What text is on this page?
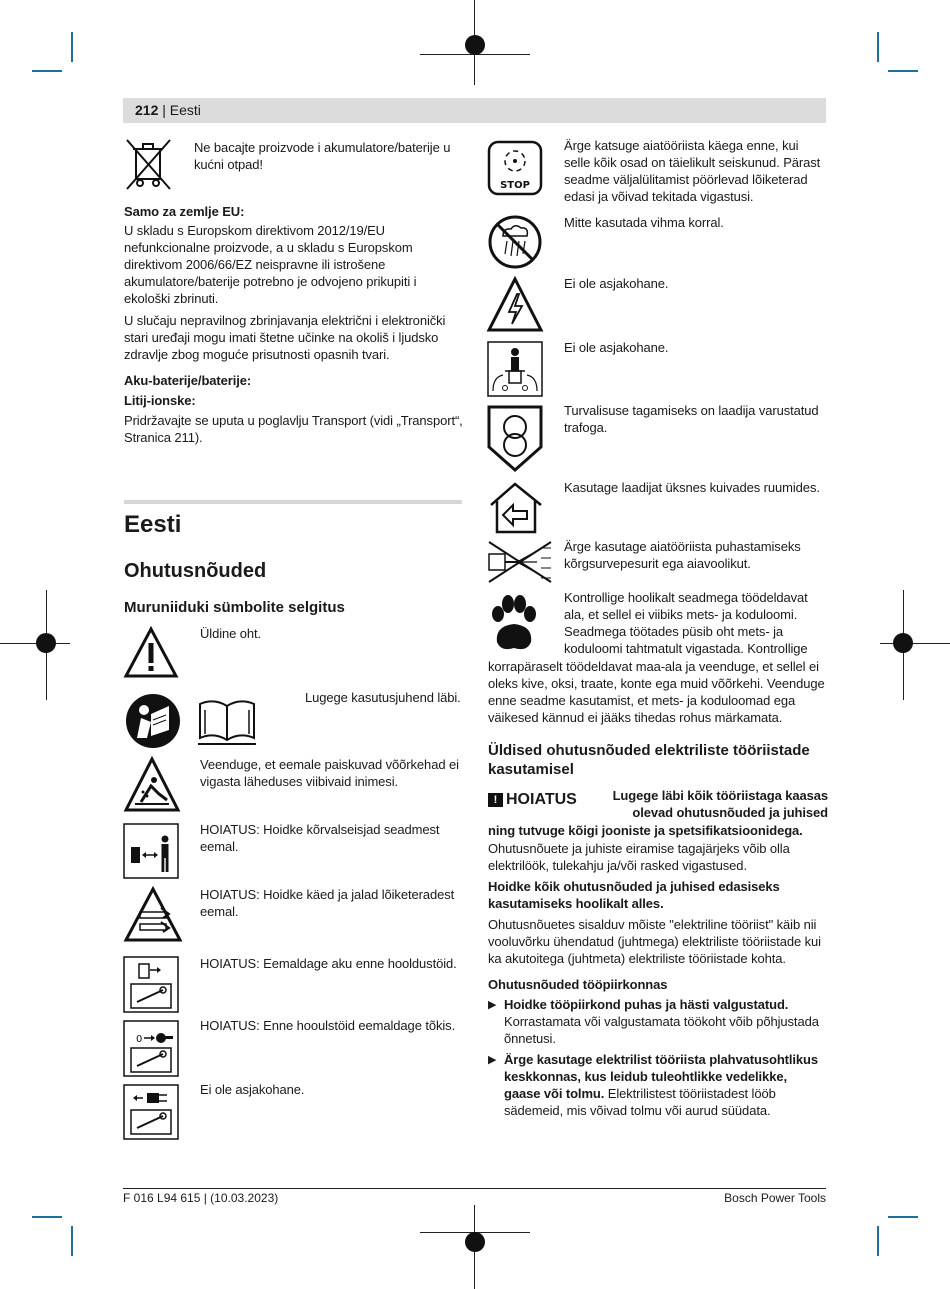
212 | Eesti
Ne bacajte proizvode i akumulatore/baterije u kućni otpad!
Samo za zemlje EU:
U skladu s Europskom direktivom 2012/19/EU nefunkcionalne proizvode, a u skladu s Europskom direktivom 2006/66/EZ neispravne ili istrošene akumulatore/baterije potrebno je odvojeno prikupiti i ekološki zbrinuti.
U slučaju nepravilnog zbrinjavanja električni i elektronički stari uređaji mogu imati štetne učinke na okoliš i ljudsko zdravlje zbog moguće prisutnosti opasnih tvari.
Aku-baterije/baterije:
Litij-ionske:
Pridržavajte se uputa u poglavlju Transport (vidi „Transport“, Stranica 211).
Eesti
Ohutusnõuded
Muruniiduki sümbolite selgitus
Üldine oht.
Lugege kasutusjuhend läbi.
Veenduge, et eemale paiskuvad võõrkehad ei vigasta läheduses viibivaid inimesi.
HOIATUS: Hoidke kõrvalseisjad seadmest eemal.
HOIATUS: Hoidke käed ja jalad lõiketeradest eemal.
HOIATUS: Eemaldage aku enne hooldustöid.
0
HOIATUS: Enne hooulstöid eemaldage tõkis.
Ei ole asjakohane.
STOP
Ärge katsuge aiatööriista käega enne, kui selle kõik osad on täielikult seiskunud. Pärast seadme väljalülitamist pöörlevad lõiketerad edasi ja võivad tekitada vigastusi.
Mitte kasutada vihma korral.
Ei ole asjakohane.
Ei ole asjakohane.
Turvalisuse tagamiseks on laadija varustatud trafoga.
Kasutage laadijat üksnes kuivades ruumides.
Ärge kasutage aiatööriista puhastamiseks kõrgsurvepesurit ega aiavoolikut.
Kontrollige hoolikalt seadmega töödeldavat ala, et sellel ei viibiks mets- ja koduloomi. Seadmega töötades püsib oht mets- ja koduloomi tahtmatult vigastada. Kontrollige
korrapäraselt töödeldavat maa-ala ja veenduge, et sellel ei oleks kive, oksi, traate, konte ega muid võõrkehi. Veenduge enne seadme kasutamist, et mets- ja koduloomad ega väikesed kännud ei jääks tihedas rohus märkamata.
Üldised ohutusnõuded elektriliste tööriistade kasutamisel
! HOIATUS	Lugege läbi kõik tööriistaga kaasas olevad ohutusnõuded ja juhised
ning tutvuge kõigi jooniste ja spetsifikatsioonidega.
Ohutusnõuete ja juhiste eiramise tagajärjeks võib olla elektrilöök, tulekahju ja/või rasked vigastused.
Hoidke kõik ohutusnõuded ja juhised edasiseks kasutamiseks hoolikalt alles.
Ohutusnõuetes sisalduv mõiste "elektriline tööriist" käib nii vooluvõrku ühendatud (juhtmega) elektriliste tööriistade kui ka akutoitega (juhtmeta) elektriliste tööriistade kohta.
Ohutusnõuded tööpiirkonnas
▶ Hoidke tööpiirkond puhas ja hästi valgustatud. Korrastamata või valgustamata töökoht võib põhjustada õnnetusi.
▶ Ärge kasutage elektrilist tööriista plahvatusohtlikus keskkonnas, kus leidub tuleohtlikke vedelikke, gaase või tolmu. Elektrilistest tööriistadest lööb sädemeid, mis võivad tolmu või aurud süüdata.
F 016 L94 615 | (10.03.2023)	Bosch Power Tools
